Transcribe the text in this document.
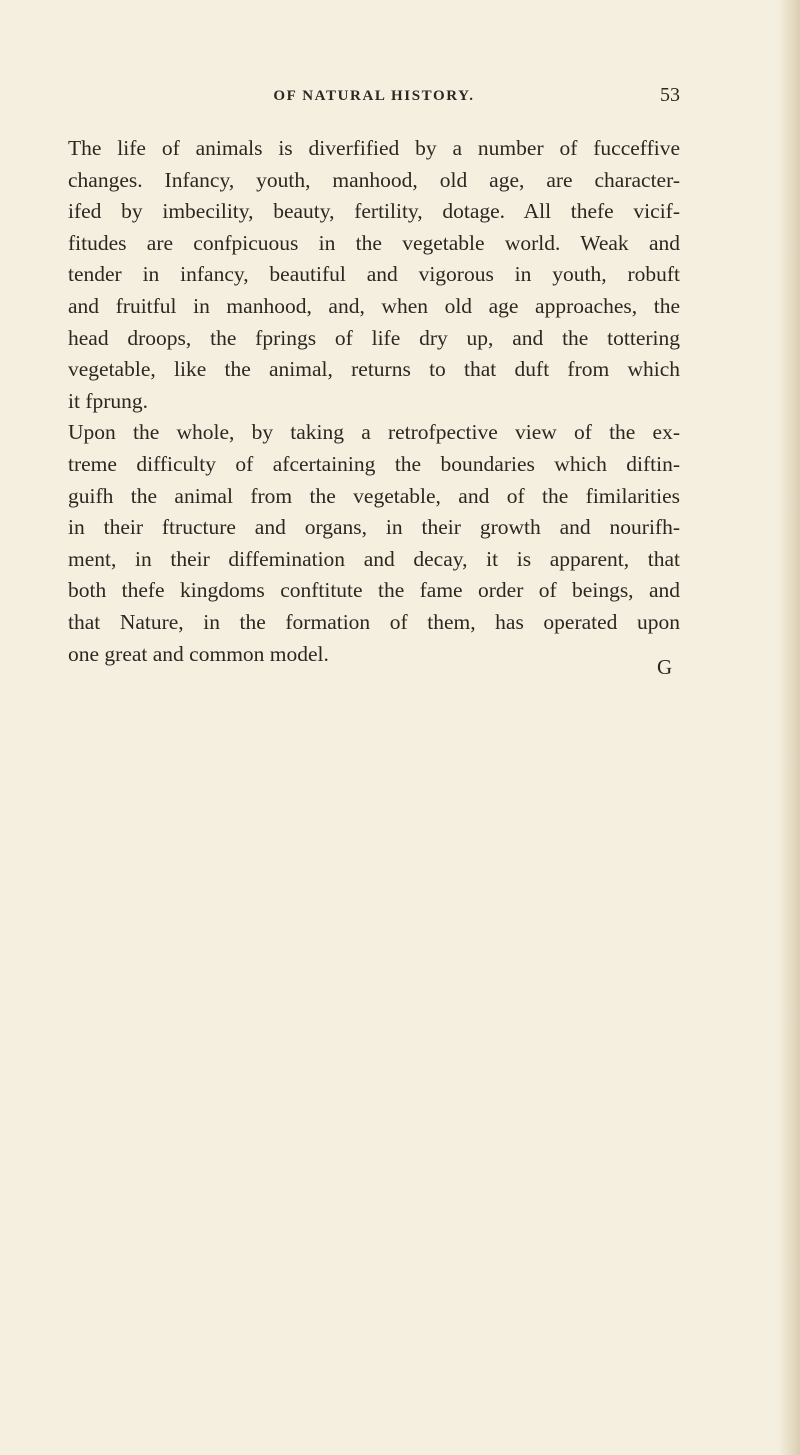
OF NATURAL HISTORY.	53
The life of animals is diverfified by a number of fucceffive
changes. Infancy, youth, manhood, old age, are character-
ifed by imbecility, beauty, fertility, dotage. All thefe vicif-
fitudes are confpicuous in the vegetable world. Weak and
tender in infancy, beautiful and vigorous in youth, robuft
and fruitful in manhood, and, when old age approaches, the
head droops, the fprings of life dry up, and the tottering
vegetable, like the animal, returns to that duft from which
it fprung.
Upon the whole, by taking a retrofpective view of the ex-
treme difficulty of afcertaining the boundaries which diftin-
guifh the animal from the vegetable, and of the fimilarities
in their ftructure and organs, in their growth and nourifh-
ment, in their diffemination and decay, it is apparent, that
both thefe kingdoms conftitute the fame order of beings, and
that Nature, in the formation of them, has operated upon
one great and common model.
G
